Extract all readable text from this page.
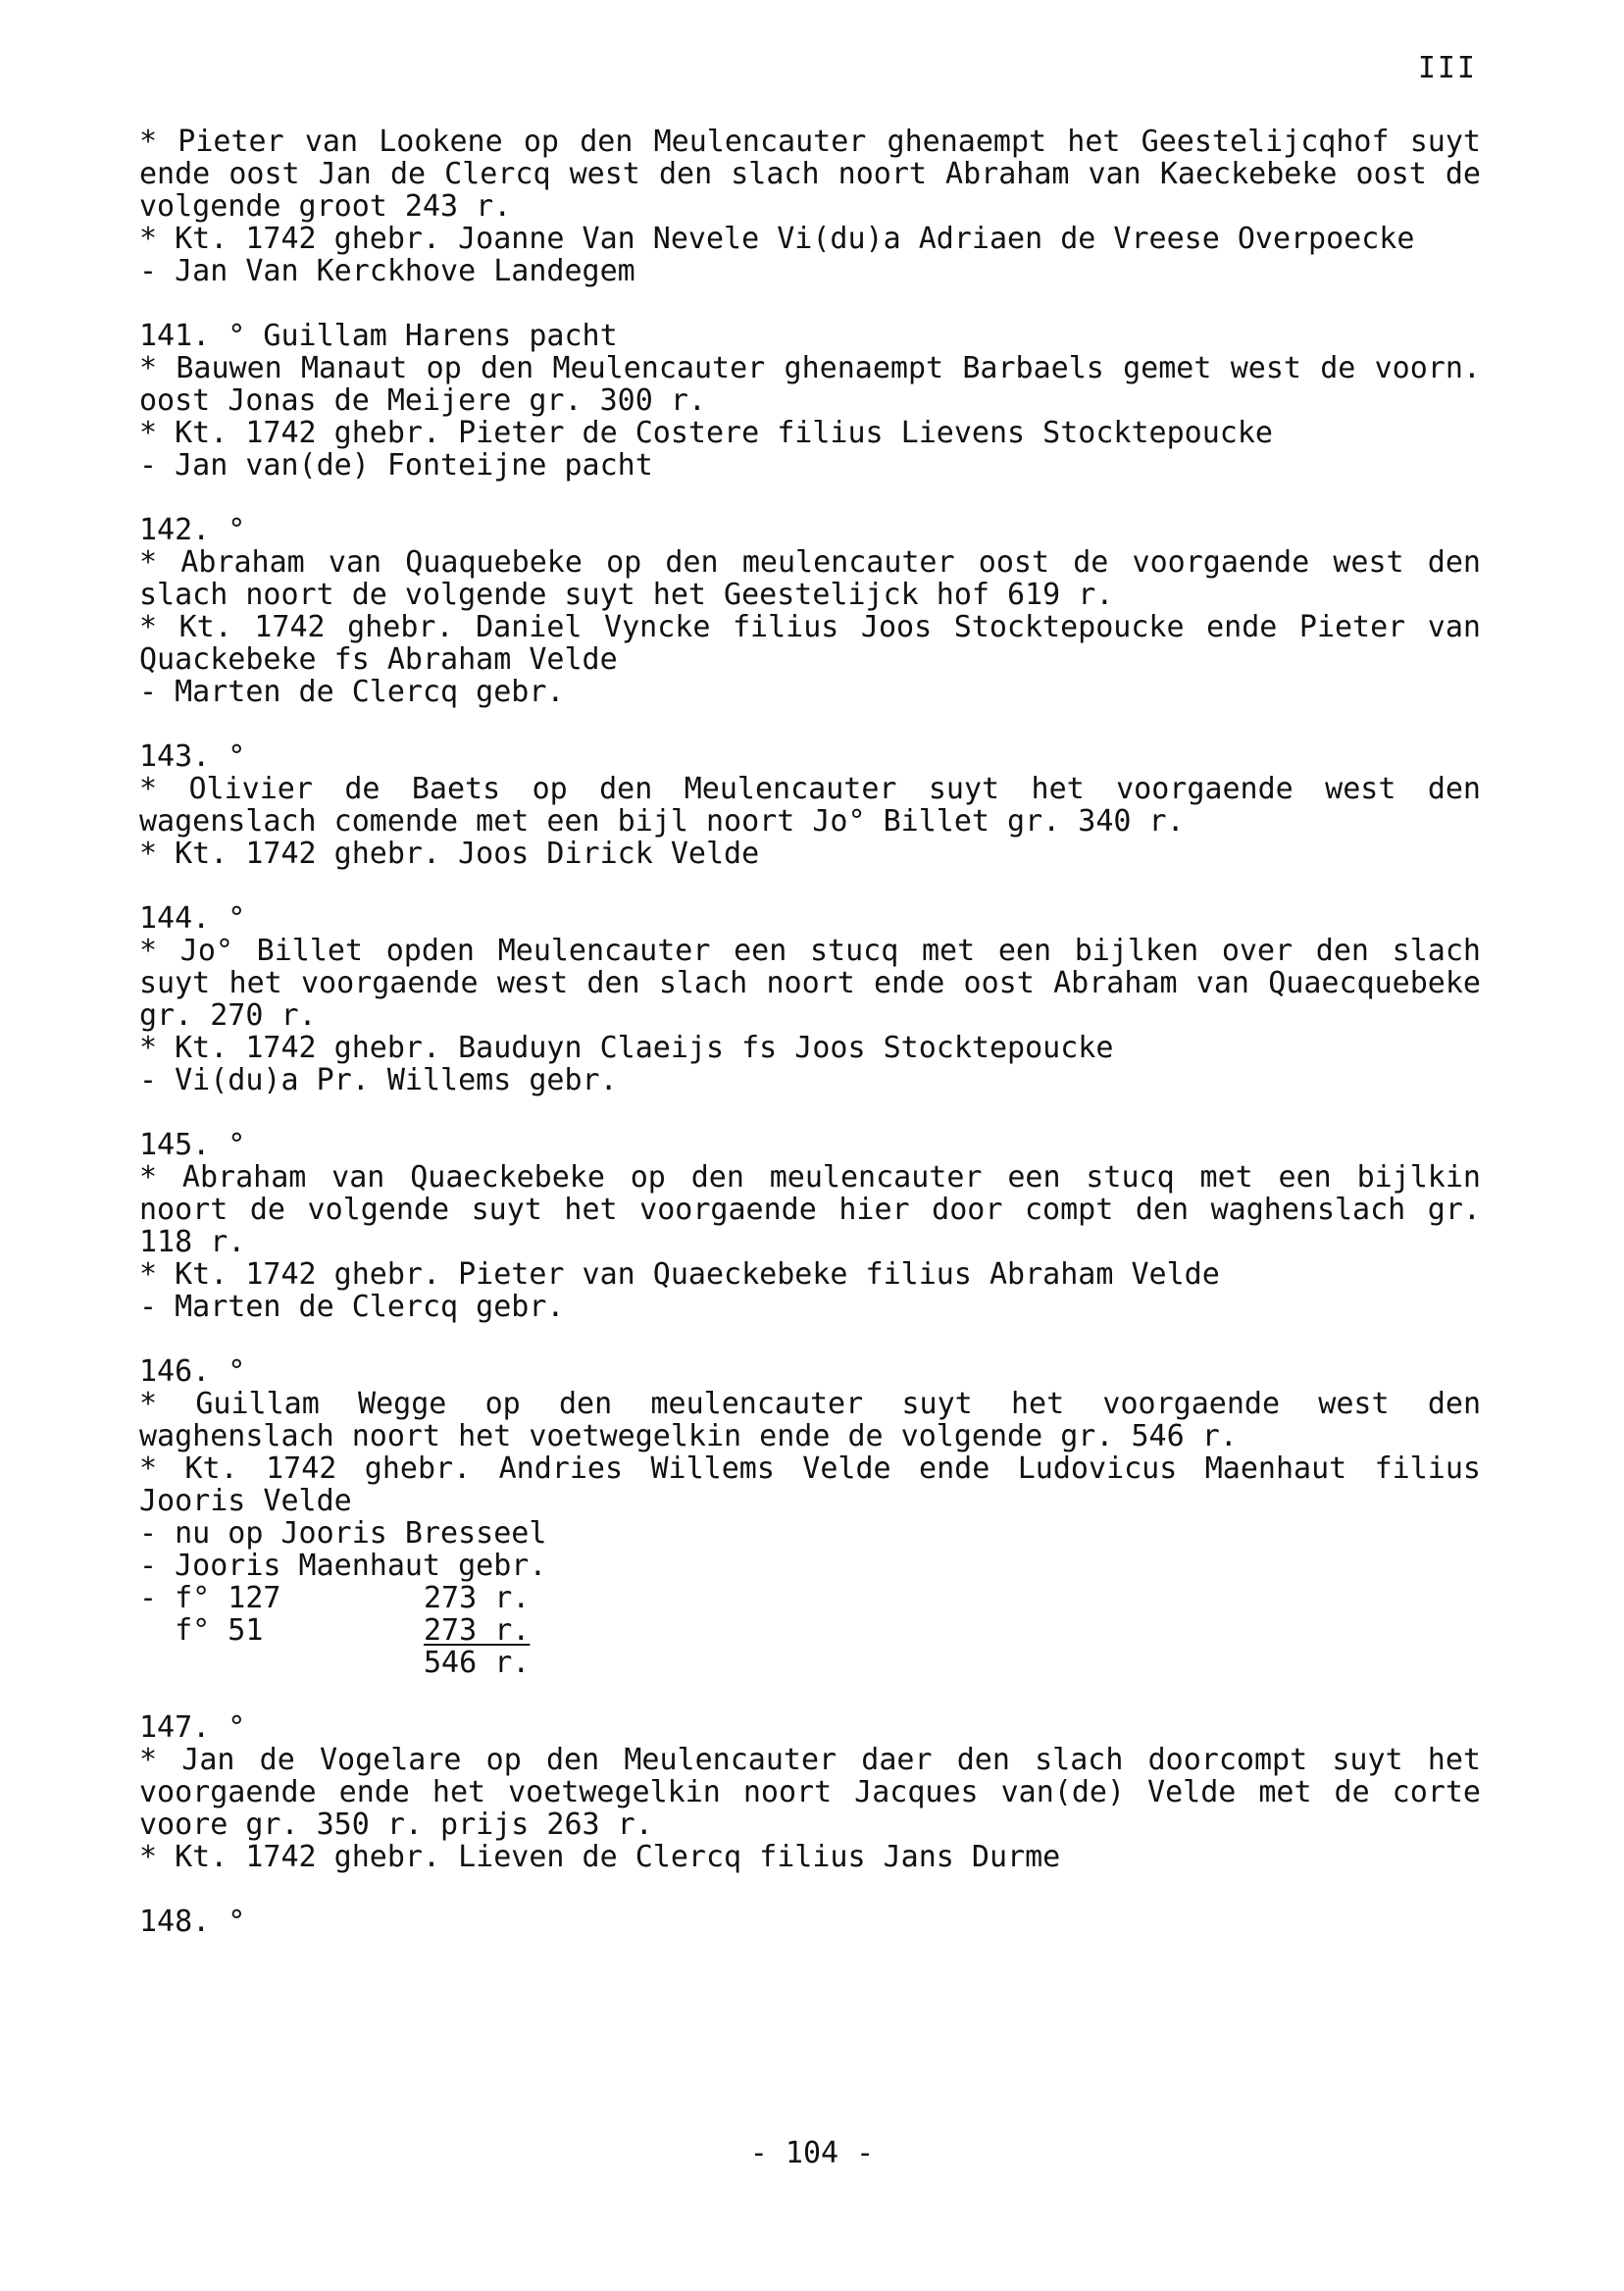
III

* Pieter van Lookene op den Meulencauter ghenaempt het Geestelijcqhof suyt ende oost Jan de Clercq west den slach noort Abraham van Kaeckebeke oost de volgende groot 243 r.

* Kt. 1742 ghebr. Joanne Van Nevele Vi(du)a Adriaen de Vreese Overpoecke

- Jan Van Kerckhove Landegem

141. ° Guillam Harens pacht

* Bauwen Manaut op den Meulencauter ghenaempt Barbaels gemet west de voorn. oost Jonas de Meijere gr. 300 r.

* Kt. 1742 ghebr. Pieter de Costere filius Lievens Stocktepoucke

- Jan van(de) Fonteijne pacht

142. °

* Abraham van Quaquebeke op den meulencauter oost de voorgaende west den slach noort de volgende suyt het Geestelijck hof 619 r.

* Kt. 1742 ghebr. Daniel Vyncke filius Joos Stocktepoucke ende Pieter van Quackebeke fs Abraham Velde

- Marten de Clercq gebr.

143. °

* Olivier de Baets op den Meulencauter suyt het voorgaende west den wagenslach comende met een bijl noort Jo° Billet gr. 340 r.

* Kt. 1742 ghebr. Joos Dirick Velde

144. °

* Jo° Billet opden Meulencauter een stucq met een bijlken over den slach suyt het voorgaende west den slach noort ende oost Abraham van Quaecquebeke gr. 270 r.

* Kt. 1742 ghebr. Bauduyn Claeijs fs Joos Stocktepoucke

- Vi(du)a Pr. Willems gebr.

145. °

* Abraham van Quaeckebeke op den meulencauter een stucq met een bijlkin noort de volgende suyt het voorgaende hier door compt den waghenslach gr. 118 r.

* Kt. 1742 ghebr. Pieter van Quaeckebeke filius Abraham Velde

- Marten de Clercq gebr.

146. °

* Guillam Wegge op den meulencauter suyt het voorgaende west den waghenslach noort het voetwegelkin ende de volgende gr. 546 r.

* Kt. 1742 ghebr. Andries Willems Velde ende Ludovicus Maenhaut filius Jooris Velde

- nu op Jooris Bresseel

- Jooris Maenhaut gebr.

- f° 127	273 r.
f° 51	273 r.
	546 r.

147. °

* Jan de Vogelare op den Meulencauter daer den slach doorcompt suyt het voorgaende ende het voetwegelkin noort Jacques van(de) Velde met de corte voore gr. 350 r. prijs 263 r.

* Kt. 1742 ghebr. Lieven de Clercq filius Jans Durme

148. °

- 104 -
